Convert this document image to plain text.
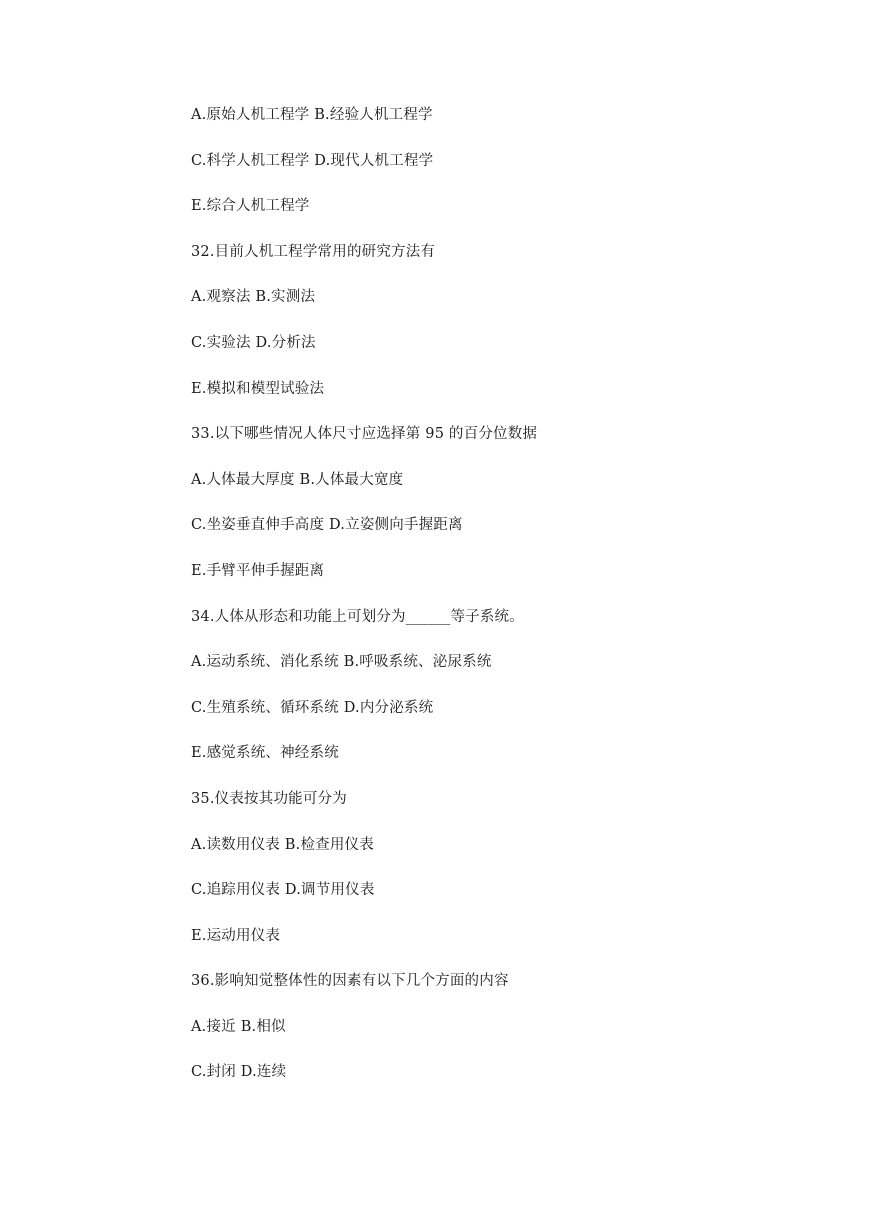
A.原始人机工程学 B.经验人机工程学
C.科学人机工程学 D.现代人机工程学
E.综合人机工程学
32.目前人机工程学常用的研究方法有
A.观察法 B.实测法
C.实验法 D.分析法
E.模拟和模型试验法
33.以下哪些情况人体尺寸应选择第 95 的百分位数据
A.人体最大厚度 B.人体最大宽度
C.坐姿垂直伸手高度 D.立姿侧向手握距离
E.手臂平伸手握距离
34.人体从形态和功能上可划分为______等子系统。
A.运动系统、消化系统 B.呼吸系统、泌尿系统
C.生殖系统、循环系统 D.内分泌系统
E.感觉系统、神经系统
35.仪表按其功能可分为
A.读数用仪表 B.检查用仪表
C.追踪用仪表 D.调节用仪表
E.运动用仪表
36.影响知觉整体性的因素有以下几个方面的内容
A.接近 B.相似
C.封闭 D.连续
